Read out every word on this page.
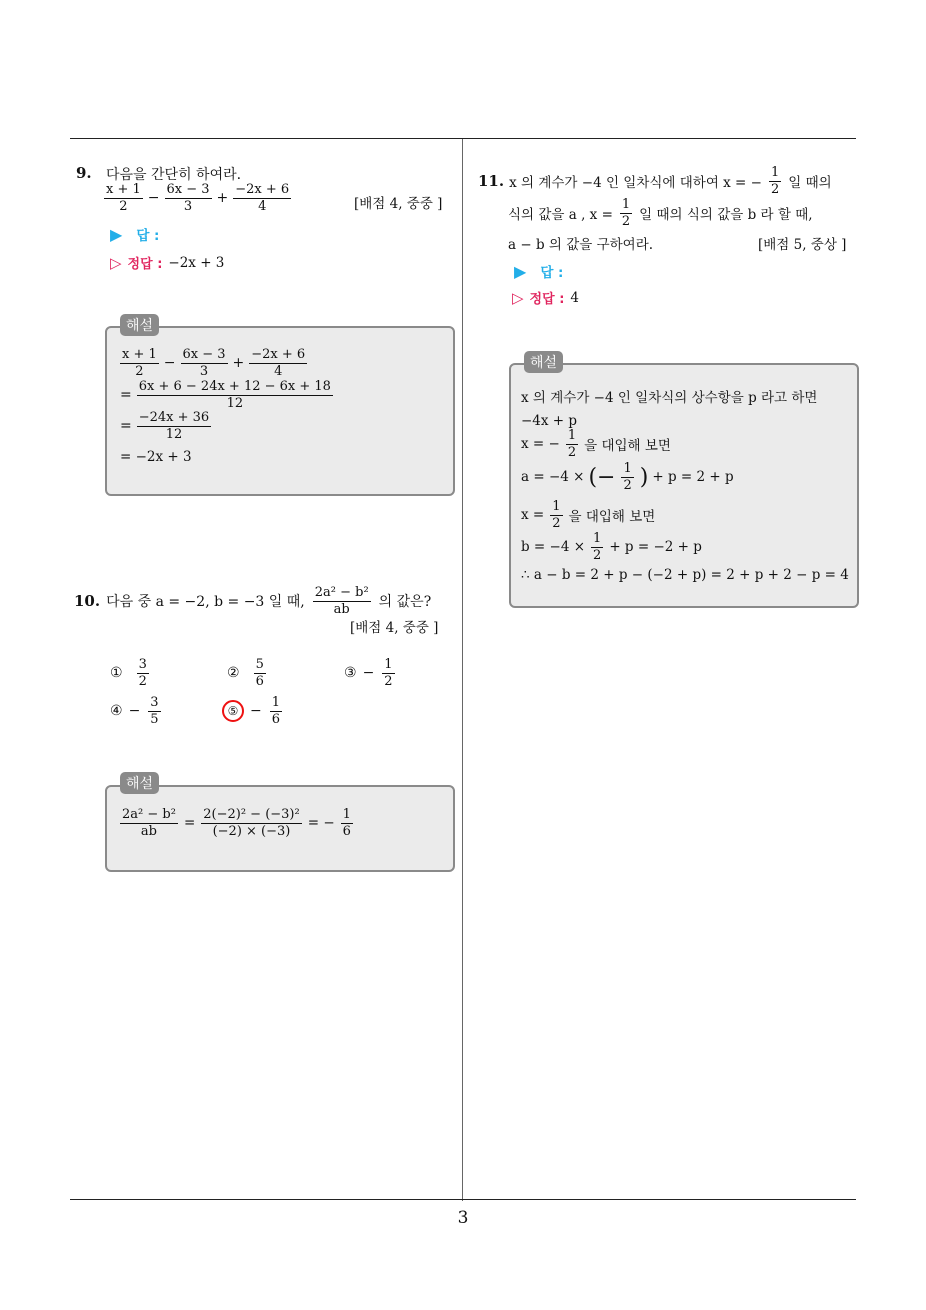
3
9. 다음을 간단히 하여라.
$\frac{x + 1}{2} - \frac{6x - 3}{3} + \frac{-2x + 6}{4}$	[배점 4, 중중 ]
▶ 답 :
▷ 정답 : −2x + 3
해설
$\frac{x + 1}{2} - \frac{6x - 3}{3} + \frac{-2x + 6}{4}$
= $\frac{6x + 6 - 24x + 12 - 6x + 18}{12}$
= $\frac{-24x + 36}{12}$
= −2x + 3
10. 다음 중 a = −2, b = −3 일 때, $\frac{\text{2a² − b²}}{ab}$ 의 값은?
[배점 4, 중중 ]
① $\frac{3}{2}$	② $\frac{5}{6}$	③ − $\frac{1}{2}$
④ − $\frac{3}{5}$	⑤ − $\frac{1}{6}$
해설
$\frac{\text{2a² − b²}}{ab} = \frac{\text{2(−2)² − (−3)²}}{(-2) \times (-3)}$ = − $\frac{1}{6}$
11. x 의 계수가 −4 인 일차식에 대하여 x = − $\frac{1}{2}$ 일 때의
식의 값을 a , $x = \frac{1}{2}$ 일 때의 식의 값을 b 라 할 때,
a − b 의 값을 구하여라.	[배점 5, 중상 ]
▶ 답 :
▷ 정답 : 4
해설
x 의 계수가 −4 인 일차식의 상수항을 p 라고 하면
−4x + p
x = − $\frac{1}{2}$ 을 대입해 보면
a = −4 × (− $\frac{1}{2}$ ) + p = 2 + p
$x = \frac{1}{2}$ 을 대입해 보면
$b = -4 \times \frac{1}{2} + p = -2 + p$
∴ a − b = 2 + p − (−2 + p) = 2 + p + 2 − p = 4
